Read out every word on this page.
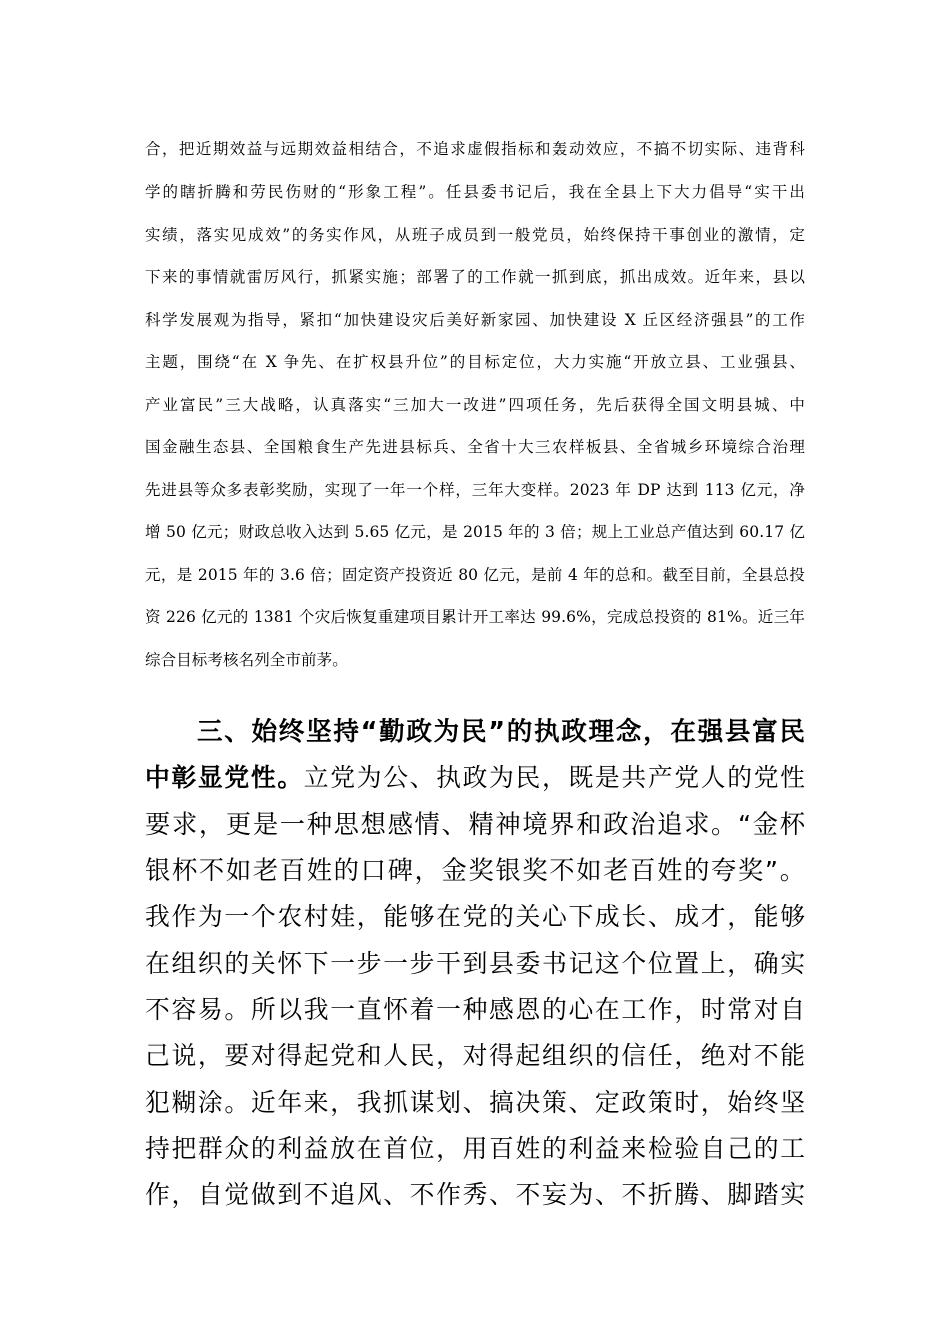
合，把近期效益与远期效益相结合，不追求虚假指标和轰动效应，不搞不切实际、违背科
学的瞎折腾和劳民伤财的“形象工程”。任县委书记后，我在全县上下大力倡导“实干出
实绩，落实见成效”的务实作风，从班子成员到一般党员，始终保持干事创业的激情，定
下来的事情就雷厉风行，抓紧实施；部署了的工作就一抓到底，抓出成效。近年来，县以
科学发展观为指导，紧扣“加快建设灾后美好新家园、加快建设 X 丘区经济强县”的工作
主题，围绕“在 X 争先、在扩权县升位”的目标定位，大力实施“开放立县、工业强县、
产业富民”三大战略，认真落实“三加大一改进”四项任务，先后获得全国文明县城、中
国金融生态县、全国粮食生产先进县标兵、全省十大三农样板县、全省城乡环境综合治理
先进县等众多表彰奖励，实现了一年一个样，三年大变样。2023 年 DP 达到 113 亿元，净
增 50 亿元；财政总收入达到 5.65 亿元，是 2015 年的 3 倍；规上工业总产值达到 60.17 亿
元，是 2015 年的 3.6 倍；固定资产投资近 80 亿元，是前 4 年的总和。截至目前，全县总投
资 226 亿元的 1381 个灾后恢复重建项目累计开工率达 99.6%，完成总投资的 81%。近三年
综合目标考核名列全市前茅。
三、始终坚持“勤政为民”的执政理念，在强县富民
中彰显党性。立党为公、执政为民，既是共产党人的党性
要求，更是一种思想感情、精神境界和政治追求。“金杯
银杯不如老百姓的口碑，金奖银奖不如老百姓的夸奖”。
我作为一个农村娃，能够在党的关心下成长、成才，能够
在组织的关怀下一步一步干到县委书记这个位置上，确实
不容易。所以我一直怀着一种感恩的心在工作，时常对自
己说，要对得起党和人民，对得起组织的信任，绝对不能
犯糊涂。近年来，我抓谋划、搞决策、定政策时，始终坚
持把群众的利益放在首位，用百姓的利益来检验自己的工
作，自觉做到不追风、不作秀、不妄为、不折腾、脚踏实
